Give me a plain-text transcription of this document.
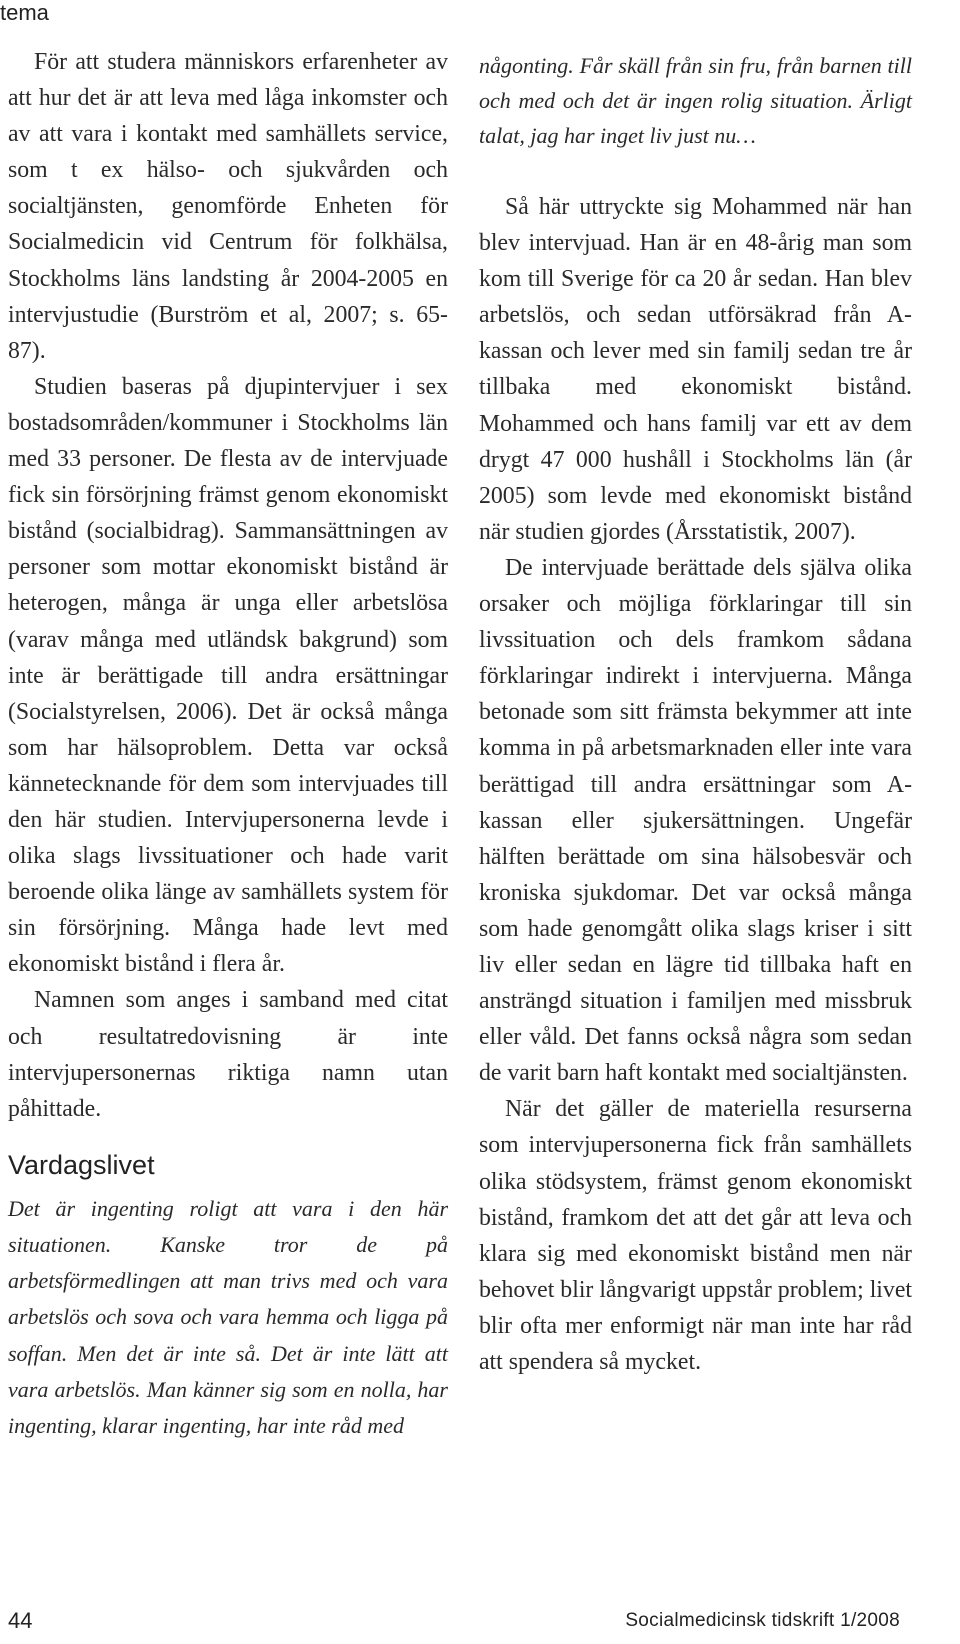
tema

För att studera människors erfarenheter av att hur det är att leva med låga inkomster och av att vara i kontakt med samhällets service, som t ex hälso- och sjukvården och socialtjänsten, genomförde Enheten för Socialmedicin vid Centrum för folkhälsa, Stockholms läns landsting år 2004-2005 en intervjustudie (Burström et al, 2007; s. 65-87).

Studien baseras på djupintervjuer i sex bostadsområden/kommuner i Stockholms län med 33 personer. De flesta av de intervjuade fick sin försörjning främst genom ekonomiskt bistånd (socialbidrag). Sammansättningen av personer som mottar ekonomiskt bistånd är heterogen, många är unga eller arbetslösa (varav många med utländsk bakgrund) som inte är berättigade till andra ersättningar (Socialstyrelsen, 2006). Det är också många som har hälsoproblem. Detta var också kännetecknande för dem som intervjuades till den här studien. Intervjupersonerna levde i olika slags livssituationer och hade varit beroende olika länge av samhällets system för sin försörjning. Många hade levt med ekonomiskt bistånd i flera år.

Namnen som anges i samband med citat och resultatredovisning är inte intervjupersonernas riktiga namn utan påhittade.

Vardagslivet

Det är ingenting roligt att vara i den här situationen. Kanske tror de på arbetsförmedlingen att man trivs med och vara arbetslös och sova och vara hemma och ligga på soffan. Men det är inte så. Det är inte lätt att vara arbetslös. Man känner sig som en nolla, har ingenting, klarar ingenting, har inte råd med

någonting. Får skäll från sin fru, från barnen till och med och det är ingen rolig situation. Ärligt talat, jag har inget liv just nu…

Så här uttryckte sig Mohammed när han blev intervjuad. Han är en 48-årig man som kom till Sverige för ca 20 år sedan. Han blev arbetslös, och sedan utförsäkrad från A-kassan och lever med sin familj sedan tre år tillbaka med ekonomiskt bistånd. Mohammed och hans familj var ett av dem drygt 47 000 hushåll i Stockholms län (år 2005) som levde med ekonomiskt bistånd när studien gjordes (Årsstatistik, 2007).

De intervjuade berättade dels själva olika orsaker och möjliga förklaringar till sin livssituation och dels framkom sådana förklaringar indirekt i intervjuerna. Många betonade som sitt främsta bekymmer att inte komma in på arbetsmarknaden eller inte vara berättigad till andra ersättningar som A-kassan eller sjukersättningen. Ungefär hälften berättade om sina hälsobesvär och kroniska sjukdomar. Det var också många som hade genomgått olika slags kriser i sitt liv eller sedan en lägre tid tillbaka haft en ansträngd situation i familjen med missbruk eller våld. Det fanns också några som sedan de varit barn haft kontakt med socialtjänsten.

När det gäller de materiella resurserna som intervjupersonerna fick från samhällets olika stödsystem, främst genom ekonomiskt bistånd, framkom det att det går att leva och klara sig med ekonomiskt bistånd men när behovet blir långvarigt uppstår problem; livet blir ofta mer enformigt när man inte har råd att spendera så mycket.

44	Socialmedicinsk tidskrift 1/2008
